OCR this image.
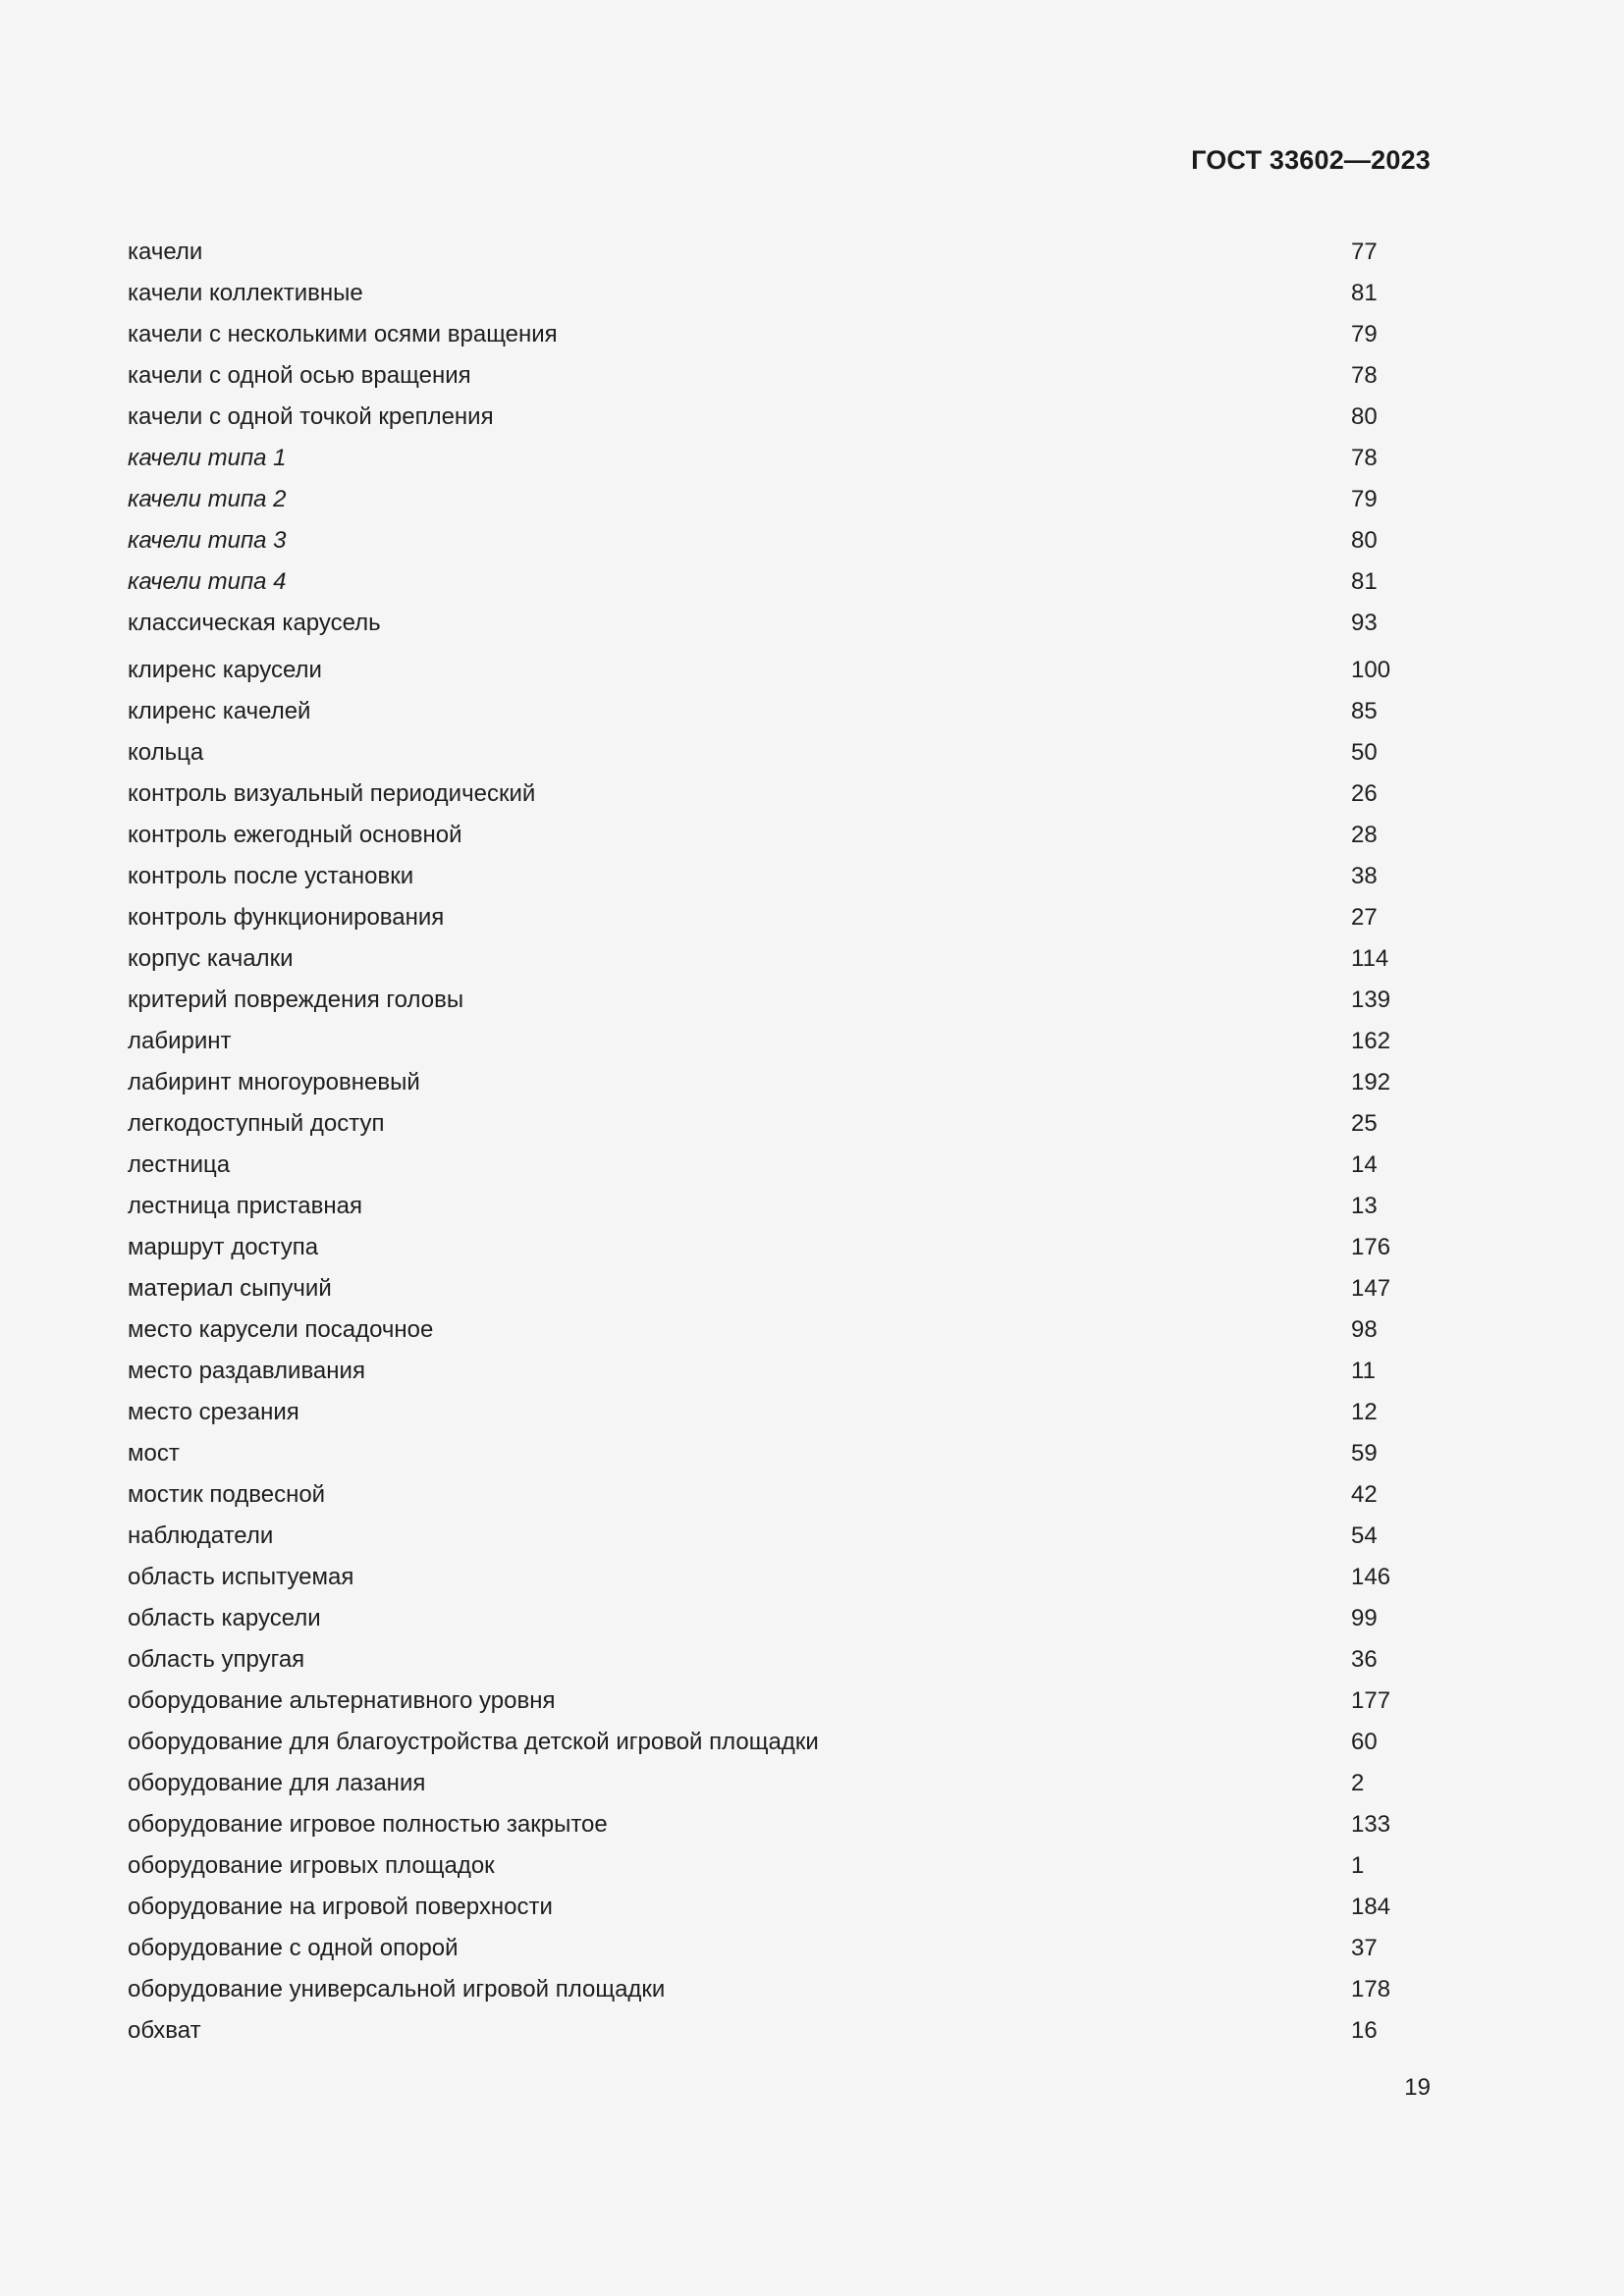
ГОСТ 33602—2023
качели	77
качели коллективные	81
качели с несколькими осями вращения	79
качели с одной осью вращения	78
качели с одной точкой крепления	80
качели типа 1	78
качели типа 2	79
качели типа 3	80
качели типа 4	81
классическая карусель	93
клиренс карусели	100
клиренс качелей	85
кольца	50
контроль визуальный периодический	26
контроль ежегодный основной	28
контроль после установки	38
контроль функционирования	27
корпус качалки	114
критерий повреждения головы	139
лабиринт	162
лабиринт многоуровневый	192
легкодоступный доступ	25
лестница	14
лестница приставная	13
маршрут доступа	176
материал сыпучий	147
место карусели посадочное	98
место раздавливания	11
место срезания	12
мост	59
мостик подвесной	42
наблюдатели	54
область испытуемая	146
область карусели	99
область упругая	36
оборудование альтернативного уровня	177
оборудование для благоустройства детской игровой площадки	60
оборудование для лазания	2
оборудование игровое полностью закрытое	133
оборудование игровых площадок	1
оборудование на игровой поверхности	184
оборудование с одной опорой	37
оборудование универсальной игровой площадки	178
обхват	16
19
